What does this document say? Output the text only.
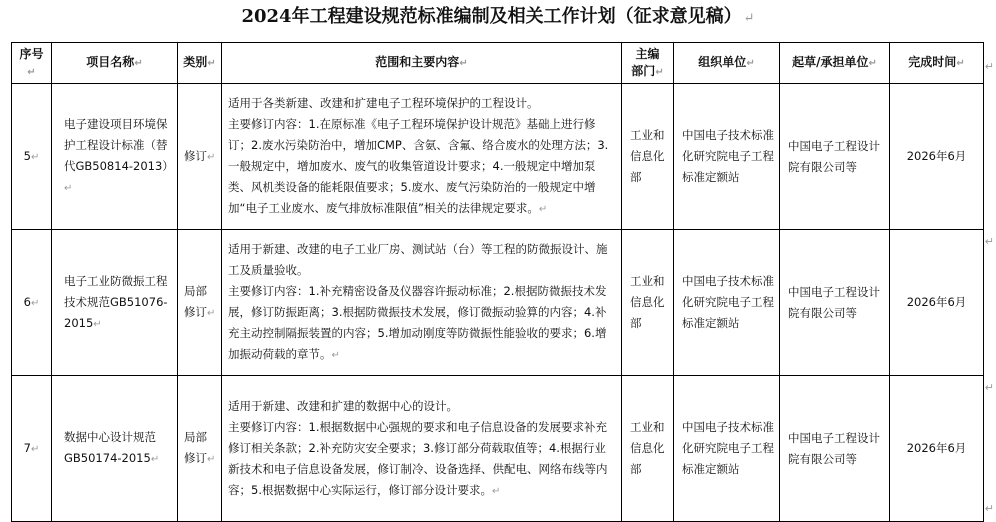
2024年工程建设规范标准编制及相关工作计划（征求意见稿） ↵
序号↵	项目名称↵	类别↵	范围和主要内容↵	主编
部门↵	组织单位↵	起草/承担单位↵	完成时间↵
5↵	电子建设项目环境保护工程设计标准（替代GB50814-2013）↵	修订↵	适用于各类新建、改建和扩建电子工程环境保护的工程设计。
主要修订内容：1.在原标准《电子工程环境保护设计规范》基础上进行修订；2.废水污染防治中，增加CMP、含氨、含氟、络合废水的处理方法；3.一般规定中，增加废水、废气的收集管道设计要求；4.一般规定中增加泵类、风机类设备的能耗限值要求；5.废水、废气污染防治的一般规定中增加“电子工业废水、废气排放标准限值”相关的法律规定要求。↵	工业和信息化部	中国电子技术标准化研究院电子工程标准定额站	中国电子工程设计院有限公司等	2026年6月
6↵	电子工业防微振工程技术规范GB51076-2015↵	局部修订↵	适用于新建、改建的电子工业厂房、测试站（台）等工程的防微振设计、施工及质量验收。
主要修订内容：1.补充精密设备及仪器容许振动标准；2.根据防微振技术发展，修订防振距离；3.根据防微振技术发展，修订微振动验算的内容；4.补充主动控制隔振装置的内容；5.增加动刚度等防微振性能验收的要求；6.增加振动荷载的章节。↵	工业和信息化部	中国电子技术标准化研究院电子工程标准定额站	中国电子工程设计院有限公司等	2026年6月
7↵	数据中心设计规范GB50174-2015↵	局部修订↵	适用于新建、改建和扩建的数据中心的设计。
主要修订内容：1.根据数据中心强规的要求和电子信息设备的发展要求补充修订相关条款；2.补充防灾安全要求；3.修订部分荷载取值等；4.根据行业新技术和电子信息设备发展，修订制冷、设备选择、供配电、网络布线等内容；5.根据数据中心实际运行，修订部分设计要求。↵	工业和信息化部	中国电子技术标准化研究院电子工程标准定额站	中国电子工程设计院有限公司等	2026年6月
↵
↵
↵
↵
